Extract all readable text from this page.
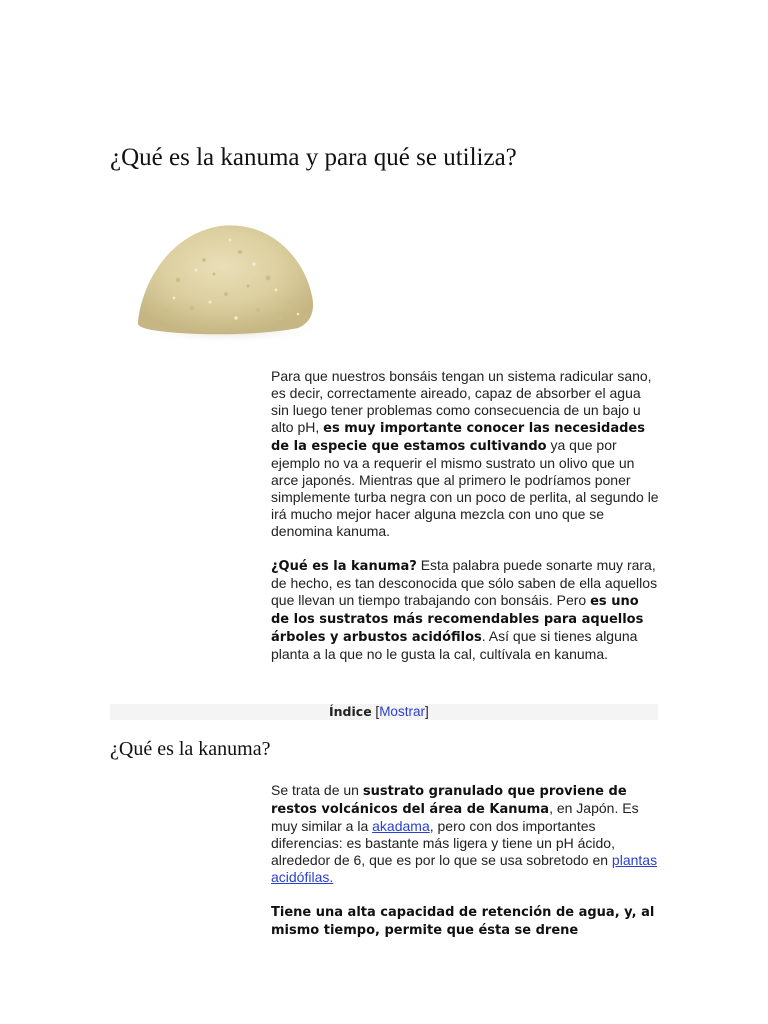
¿Qué es la kanuma y para qué se utiliza?

Para que nuestros bonsáis tengan un sistema radicular sano, es decir, correctamente aireado, capaz de absorber el agua sin luego tener problemas como consecuencia de un bajo u alto pH, es muy importante conocer las necesidades de la especie que estamos cultivando ya que por ejemplo no va a requerir el mismo sustrato un olivo que un arce japonés. Mientras que al primero le podríamos poner simplemente turba negra con un poco de perlita, al segundo le irá mucho mejor hacer alguna mezcla con uno que se denomina kanuma.

¿Qué es la kanuma? Esta palabra puede sonarte muy rara, de hecho, es tan desconocida que sólo saben de ella aquellos que llevan un tiempo trabajando con bonsáis. Pero es uno de los sustratos más recomendables para aquellos árboles y arbustos acidófilos. Así que si tienes alguna planta a la que no le gusta la cal, cultívala en kanuma.

Índice [Mostrar]
¿Qué es la kanuma?

Se trata de un sustrato granulado que proviene de restos volcánicos del área de Kanuma, en Japón. Es muy similar a la akadama, pero con dos importantes diferencias: es bastante más ligera y tiene un pH ácido, alrededor de 6, que es por lo que se usa sobretodo en plantas acidófilas.

Tiene una alta capacidad de retención de agua, y, al mismo tiempo, permite que ésta se drene
